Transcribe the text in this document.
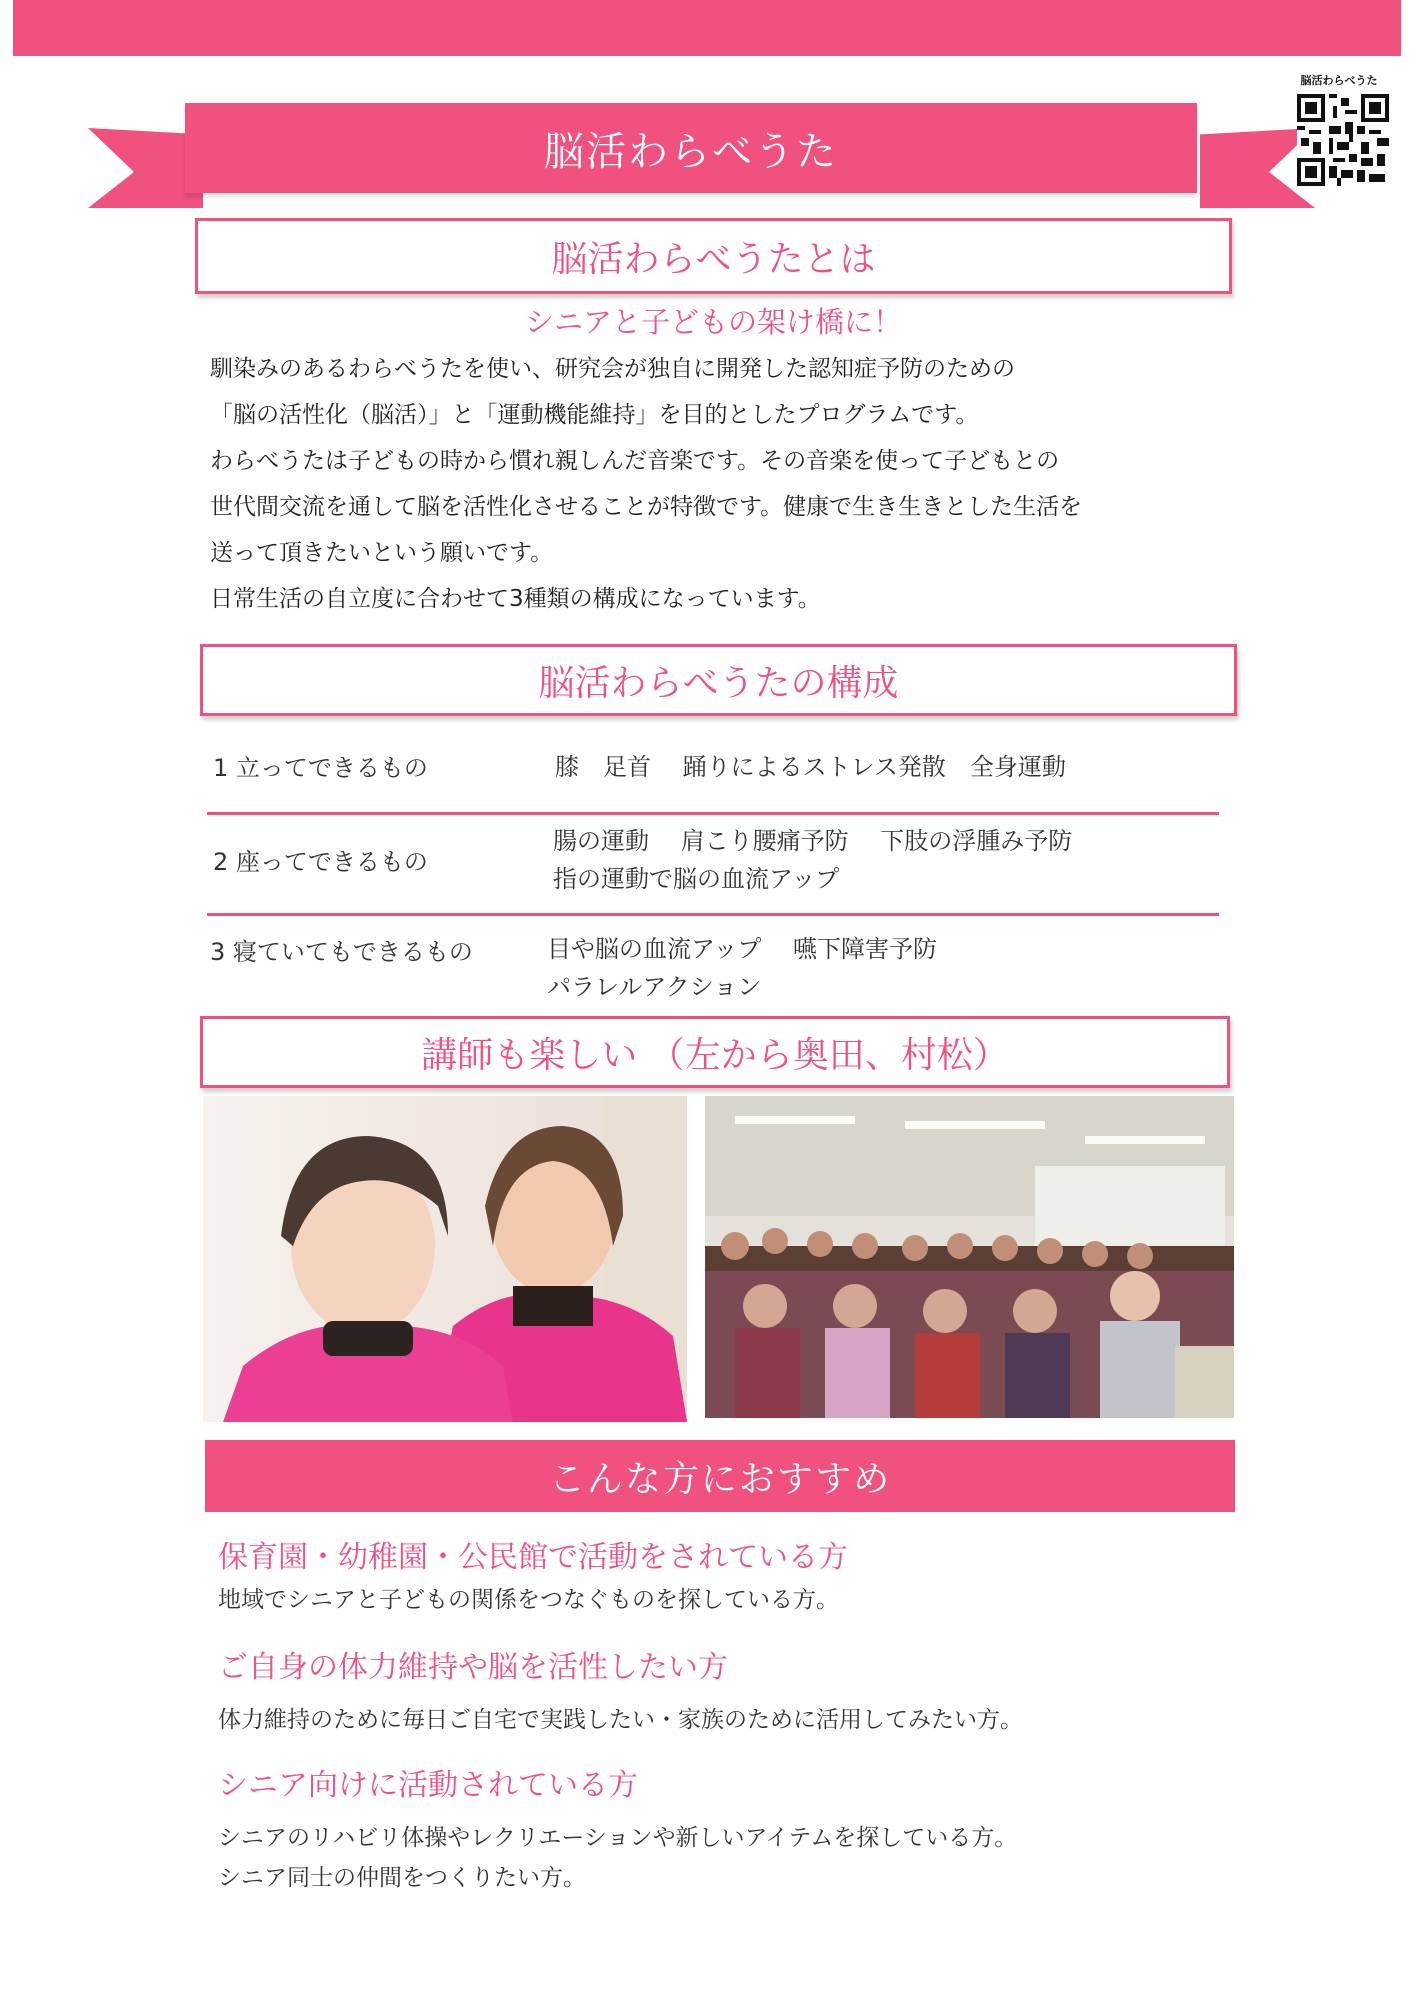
脳活わらべうた
脳活わらべうた
脳活わらべうたとは
シニアと子どもの架け橋に！
馴染みのあるわらべうたを使い、研究会が独自に開発した認知症予防のための
「脳の活性化（脳活）」と「運動機能維持」を目的としたプログラムです。
わらべうたは子どもの時から慣れ親しんだ音楽です。その音楽を使って子どもとの
世代間交流を通して脳を活性化させることが特徴です。健康で生き生きとした生活を
送って頂きたいという願いです。
日常生活の自立度に合わせて3種類の構成になっています。
脳活わらべうたの構成
1 立ってできるもの	膝　足首　 踊りによるストレス発散　全身運動
2 座ってできるもの
腸の運動　 肩こり腰痛予防　 下肢の浮腫み予防
指の運動で脳の血流アップ
3 寝ていてもできるもの	目や脳の血流アップ　 嚥下障害予防
パラレルアクション
講師も楽しい （左から奥田、村松）
こんな方におすすめ
保育園・幼稚園・公民館で活動をされている方
地域でシニアと子どもの関係をつなぐものを探している方。
ご自身の体力維持や脳を活性したい方
体力維持のために毎日ご自宅で実践したい・家族のために活用してみたい方。
シニア向けに活動されている方
シニアのリハビリ体操やレクリエーションや新しいアイテムを探している方。
シニア同士の仲間をつくりたい方。
